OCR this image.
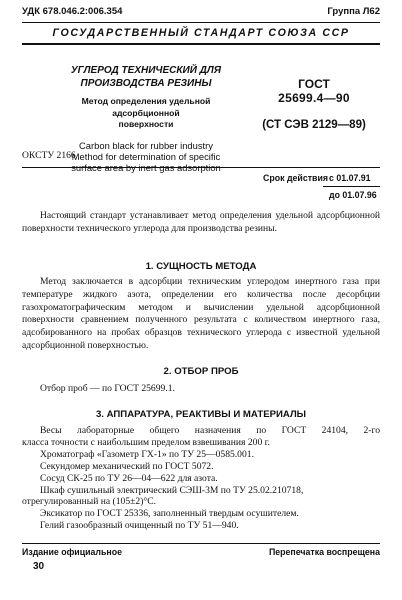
УДК 678.046.2:006.354	Группа Л62
ГОСУДАРСТВЕННЫЙ СТАНДАРТ СОЮЗА ССР
УГЛЕРОД ТЕХНИЧЕСКИЙ ДЛЯ
ПРОИЗВОДСТВА РЕЗИНЫ
Метод определения удельной адсорбционной
поверхности
Carbon black for rubber industry
Method for determination of specific
surface area by inert gas adsorption
ОКСТУ 2166
ГОСТ
25699.4—90
(СТ СЭВ 2129—89)
Срок действия с 01.07.91
до 01.07.96
Настоящий стандарт устанавливает метод определения удельной адсорбционной поверхности технического углерода для производства резины.
1. СУЩНОСТЬ МЕТОДА
Метод заключается в адсорбции техническим углеродом инертного газа при температуре жидкого азота, определении его количества после десорбции газохроматографическим методом и вычислении удельной адсорбционной поверхности сравнением полученного результата с количеством инертного газа, адсобированного на пробах образцов технического углерода с известной удельной адсорбционной поверхностью.
2. ОТБОР ПРОБ
Отбор проб — по ГОСТ 25699.1.
3. АППАРАТУРА, РЕАКТИВЫ И МАТЕРИАЛЫ
Весы лабораторные общего назначения по ГОСТ 24104, 2-го
класса точности с наибольшим пределом взвешивания 200 г.
Хроматограф «Газометр ГХ-1» по ТУ 25—0585.001.
Секундомер механический по ГОСТ 5072.
Сосуд СК-25 по ТУ 26—04—622 для азота.
Шкаф сушильный электрический СЭШ-3М по ТУ 25.02.210718,
отрегулированный на (105±2)°С.
Эксикатор по ГОСТ 25336, заполненный твердым осушителем.
Гелий газообразный очищенный по ТУ 51—940.
Издание официальное	Перепечатка воспрещена
30
